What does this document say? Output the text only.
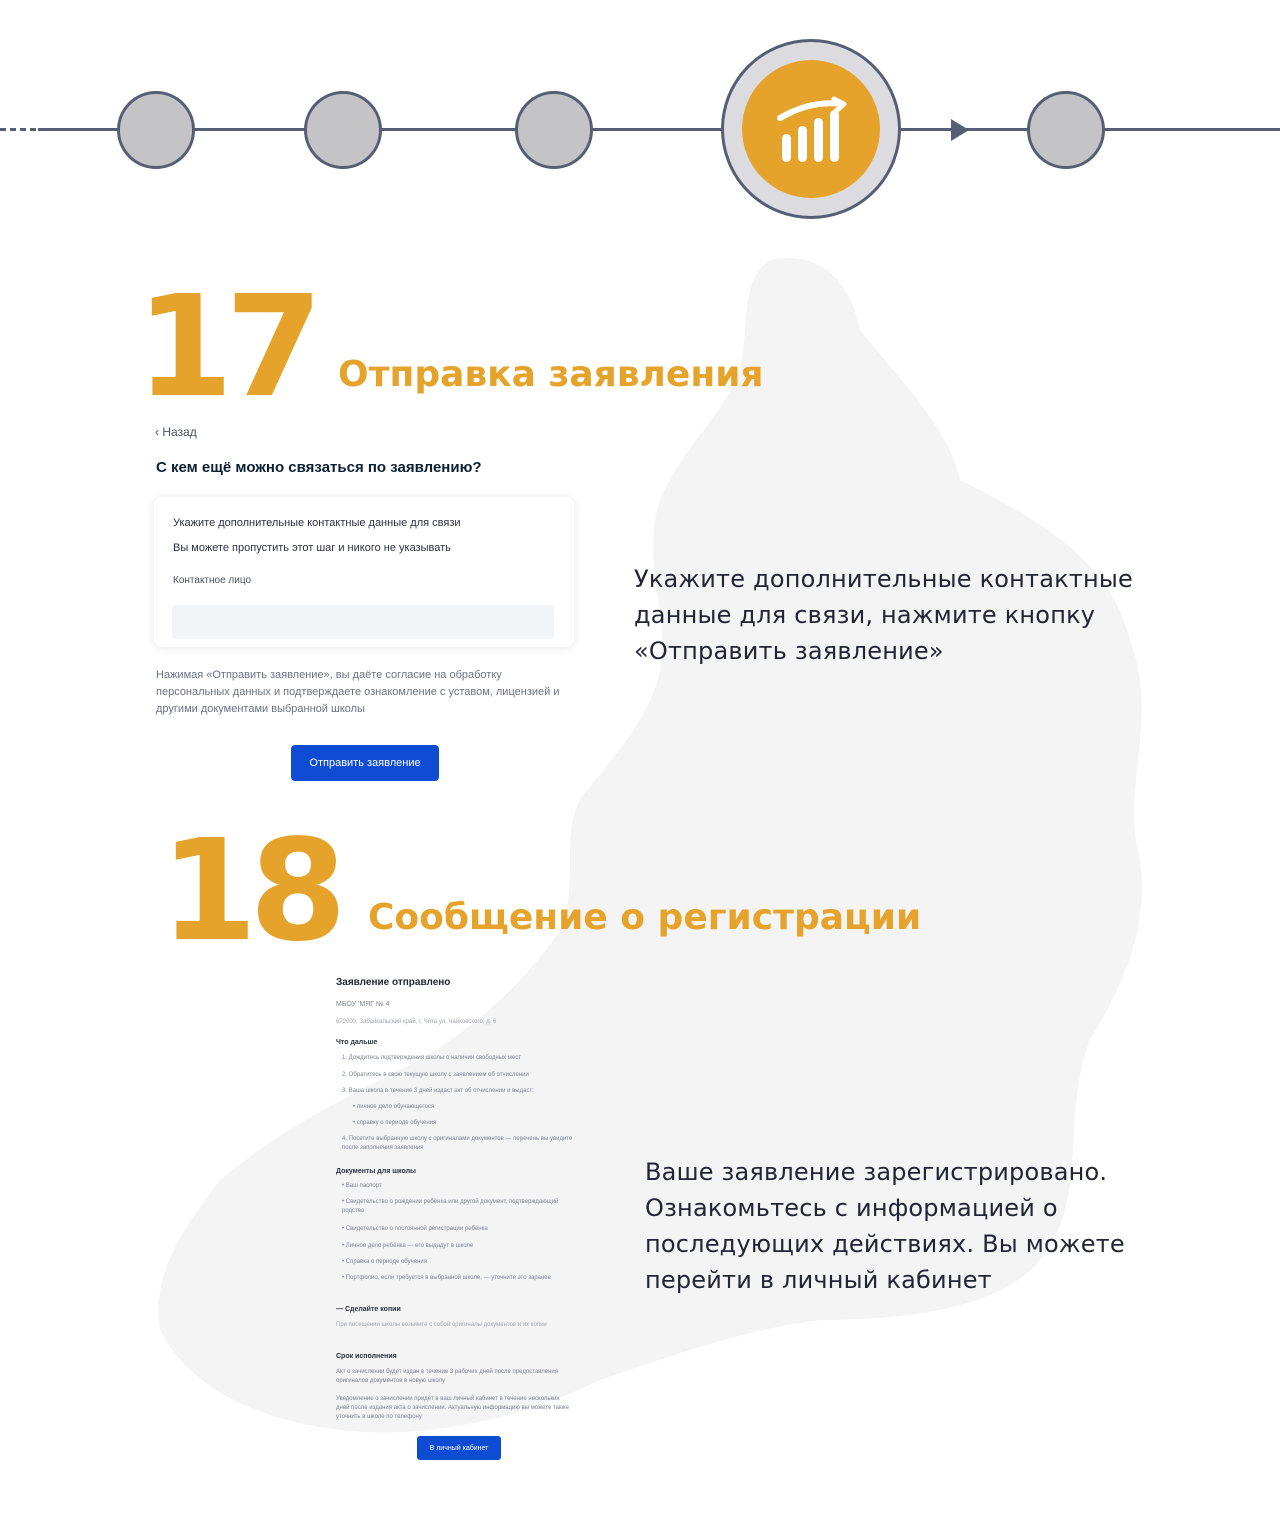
17 Отправка заявления
‹ Назад
С кем ещё можно связаться по заявлению?
Укажите дополнительные контактные данные для связи
Вы можете пропустить этот шаг и никого не указывать
Контактное лицо
Нажимая «Отправить заявление», вы даёте согласие на обработку персональных данных и подтверждаете ознакомление с уставом, лицензией и другими документами выбранной школы
Отправить заявление
Укажите дополнительные контактные данные для связи, нажмите кнопку «Отправить заявление»
18 Сообщение о регистрации
Заявление отправлено
МБОУ 'МЯГ № 4
672000, Забайкальский край, г. Чита ул. Чайковского, д. 6
Что дальше
1. Дождитесь подтверждения школы о наличии свободных мест
2. Обратитесь в свою текущую школу с заявлением об отчислении
3. Ваша школа в течение 3 дней издаст акт об отчислении и выдаст:
• личное дело обучающегося
• справку о периоде обучения
4. Посетите выбранную школу с оригиналами документов — перечень вы увидите после заполнения заявления
Документы для школы
• Ваш паспорт
• Свидетельство о рождении ребёнка или другой документ, подтверждающий родство
• Свидетельство о постоянной регистрации ребёнка
• Личное дело ребёнка — его выдадут в школе
• Справка о периоде обучения
• Портфолио, если требуется в выбранной школе, — уточните это заранее
— Сделайте копии
При посещении школы возьмите с собой оригиналы документов и их копии
Срок исполнения
Акт о зачислении будет издан в течение 3 рабочих дней после предоставления оригиналов документов в новую школу
Уведомление о зачислении придёт в ваш личный кабинет в течение нескольких дней после издания акта о зачислении. Актуальную информацию вы можете также уточнить в школе по телефону
В личный кабинет
Ваше заявление зарегистрировано. Ознакомьтесь с информацией о последующих действиях. Вы можете перейти в личный кабинет
